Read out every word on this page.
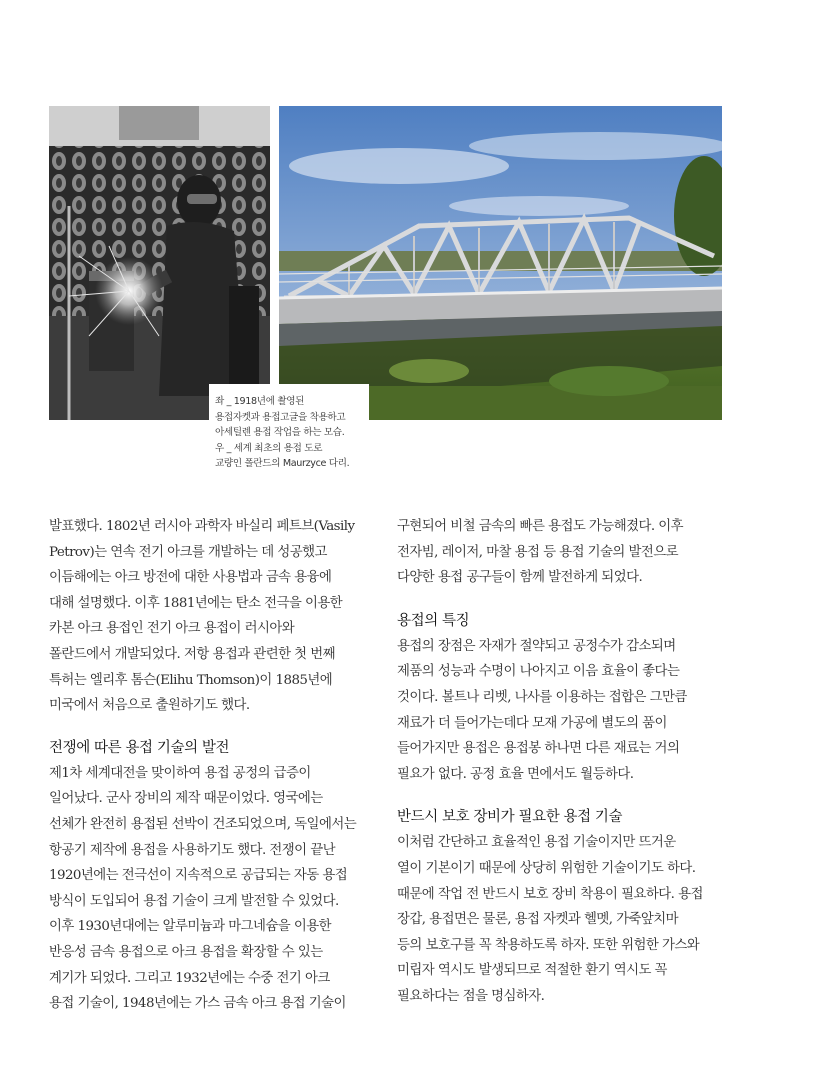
좌 _ 1918년에 촬영된
용접자켓과 용접고글을 착용하고
아세틸렌 용접 작업을 하는 모습.
우 _ 세계 최초의 용접 도로
교량인 폴란드의 Maurzyce 다리.
발표했다. 1802년 러시아 과학자 바실리 페트브(Vasily
Petrov)는 연속 전기 아크를 개발하는 데 성공했고
이듬해에는 아크 방전에 대한 사용법과 금속 용융에
대해 설명했다. 이후 1881년에는 탄소 전극을 이용한
카본 아크 용접인 전기 아크 용접이 러시아와
폴란드에서 개발되었다. 저항 용접과 관련한 첫 번째
특허는 엘리후 톰슨(Elihu Thomson)이 1885년에
미국에서 처음으로 출원하기도 했다.
전쟁에 따른 용접 기술의 발전
제1차 세계대전을 맞이하여 용접 공정의 급증이
일어났다. 군사 장비의 제작 때문이었다. 영국에는
선체가 완전히 용접된 선박이 건조되었으며, 독일에서는
항공기 제작에 용접을 사용하기도 했다. 전쟁이 끝난
1920년에는 전극선이 지속적으로 공급되는 자동 용접
방식이 도입되어 용접 기술이 크게 발전할 수 있었다.
이후 1930년대에는 알루미늄과 마그네슘을 이용한
반응성 금속 용접으로 아크 용접을 확장할 수 있는
계기가 되었다. 그리고 1932년에는 수중 전기 아크
용접 기술이, 1948년에는 가스 금속 아크 용접 기술이
구현되어 비철 금속의 빠른 용접도 가능해졌다. 이후
전자빔, 레이저, 마찰 용접 등 용접 기술의 발전으로
다양한 용접 공구들이 함께 발전하게 되었다.
용접의 특징
용접의 장점은 자재가 절약되고 공정수가 감소되며
제품의 성능과 수명이 나아지고 이음 효율이 좋다는
것이다. 볼트나 리벳, 나사를 이용하는 접합은 그만큼
재료가 더 들어가는데다 모재 가공에 별도의 품이
들어가지만 용접은 용접봉 하나면 다른 재료는 거의
필요가 없다. 공정 효율 면에서도 월등하다.
반드시 보호 장비가 필요한 용접 기술
이처럼 간단하고 효율적인 용접 기술이지만 뜨거운
열이 기본이기 때문에 상당히 위험한 기술이기도 하다.
때문에 작업 전 반드시 보호 장비 착용이 필요하다. 용접
장갑, 용접면은 물론, 용접 자켓과 헬멧, 가죽앞치마
등의 보호구를 꼭 착용하도록 하자. 또한 위험한 가스와
미립자 역시도 발생되므로 적절한 환기 역시도 꼭
필요하다는 점을 명심하자.
